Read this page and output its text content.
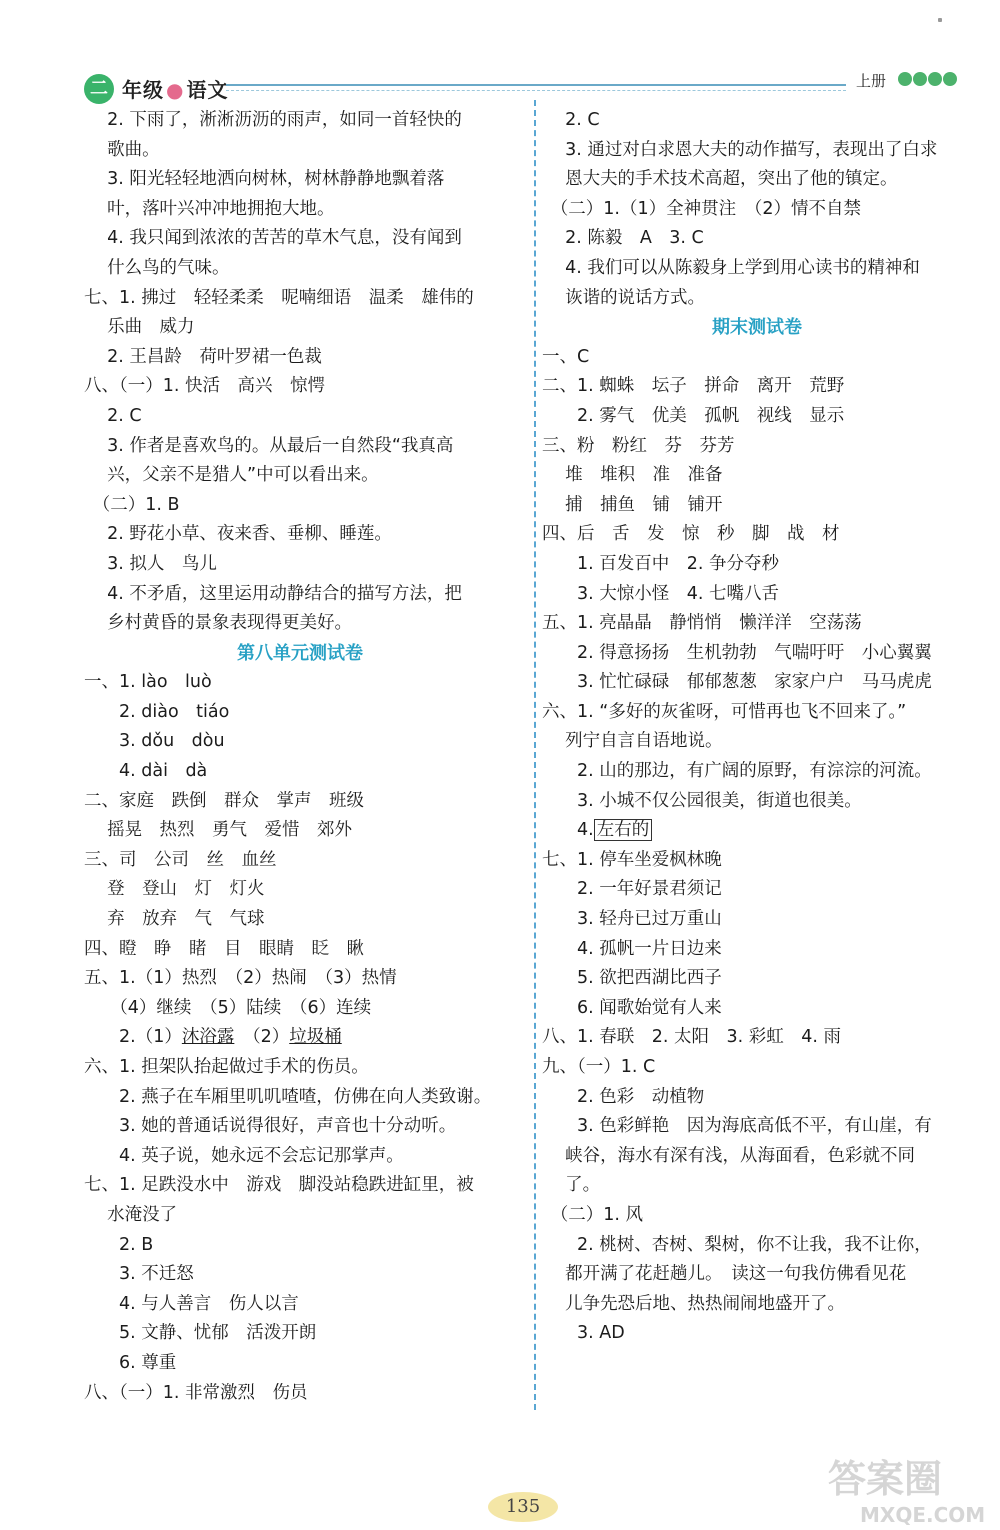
二 年级 ● 语文	上册
　 2. 下雨了，淅淅沥沥的雨声，如同一首轻快的
　 歌曲。
　 3. 阳光轻轻地洒向树林，树林静静地飘着落
　 叶，落叶兴冲冲地拥抱大地。
　 4. 我只闻到浓浓的苦苦的草木气息，没有闻到
　 什么鸟的气味。
七、1. 拂过　轻轻柔柔　呢喃细语　温柔　雄伟的
　 乐曲　威力
　 2. 王昌龄　荷叶罗裙一色裁
八、（一）1. 快活　高兴　惊愕
　 2. C
　 3. 作者是喜欢鸟的。从最后一自然段“我真高
　 兴，父亲不是猎人”中可以看出来。
　（二）1. B
　 2. 野花小草、夜来香、垂柳、睡莲。
　 3. 拟人　鸟儿
　 4. 不矛盾，这里运用动静结合的描写方法，把
　 乡村黄昏的景象表现得更美好。
第八单元测试卷
一、1. lào　luò
　　2. diào　tiáo
　　3. dǒu　dòu
　　4. dài　dà
二、家庭　跌倒　群众　掌声　班级
　 摇晃　热烈　勇气　爱惜　郊外
三、司　公司　丝　血丝
　 登　登山　灯　灯火
　 弃　放弃　气　气球
四、瞪　睁　睹　目　眼睛　眨　瞅
五、1.（1）热烈　（2）热闹　（3）热情
　　（4）继续　（5）陆续　（6）连续
　　2.（1）沐浴露　（2）垃圾桶
六、1. 担架队抬起做过手术的伤员。
　　2. 燕子在车厢里叽叽喳喳，仿佛在向人类致谢。
　　3. 她的普通话说得很好，声音也十分动听。
　　4. 英子说，她永远不会忘记那掌声。
七、1. 足跌没水中　游戏　脚没站稳跌进缸里，被
　 水淹没了
　　2. B
　　3. 不迁怒
　　4. 与人善言　伤人以言
　　5. 文静、忧郁　活泼开朗
　　6. 尊重
八、（一）1. 非常激烈　伤员
　 2. C
　 3. 通过对白求恩大夫的动作描写，表现出了白求
　 恩大夫的手术技术高超，突出了他的镇定。
　（二）1.（1）全神贯注　（2）情不自禁
　 2. 陈毅　A　3. C
　 4. 我们可以从陈毅身上学到用心读书的精神和
　 诙谐的说话方式。
期末测试卷
一、C
二、1. 蜘蛛　坛子　拼命　离开　荒野
　　2. 雾气　优美　孤帆　视线　显示
三、粉　粉红　芬　芬芳
　 堆　堆积　准　准备
　 捕　捕鱼　铺　铺开
四、后　舌　发　惊　秒　脚　战　材
　　1. 百发百中　2. 争分夺秒
　　3. 大惊小怪　4. 七嘴八舌
五、1. 亮晶晶　静悄悄　懒洋洋　空荡荡
　　2. 得意扬扬　生机勃勃　气喘吁吁　小心翼翼
　　3. 忙忙碌碌　郁郁葱葱　家家户户　马马虎虎
六、1. “多好的灰雀呀，可惜再也飞不回来了。”
　 列宁自言自语地说。
　　2. 山的那边，有广阔的原野，有淙淙的河流。
　　3. 小城不仅公园很美，街道也很美。
　　4. 左右的
七、1. 停车坐爱枫林晚
　　2. 一年好景君须记
　　3. 轻舟已过万重山
　　4. 孤帆一片日边来
　　5. 欲把西湖比西子
　　6. 闻歌始觉有人来
八、1. 春联　2. 太阳　3. 彩虹　4. 雨
九、（一）1. C
　　2. 色彩　动植物
　　3. 色彩鲜艳　因为海底高低不平，有山崖，有
　 峡谷，海水有深有浅，从海面看，色彩就不同
　 了。
　（二）1. 风
　　2. 桃树、杏树、梨树，你不让我，我不让你，
　 都开满了花赶趟儿。　读这一句我仿佛看见花
　 儿争先恐后地、热热闹闹地盛开了。
　　3. AD
135
答案圈
MXQE.COM
